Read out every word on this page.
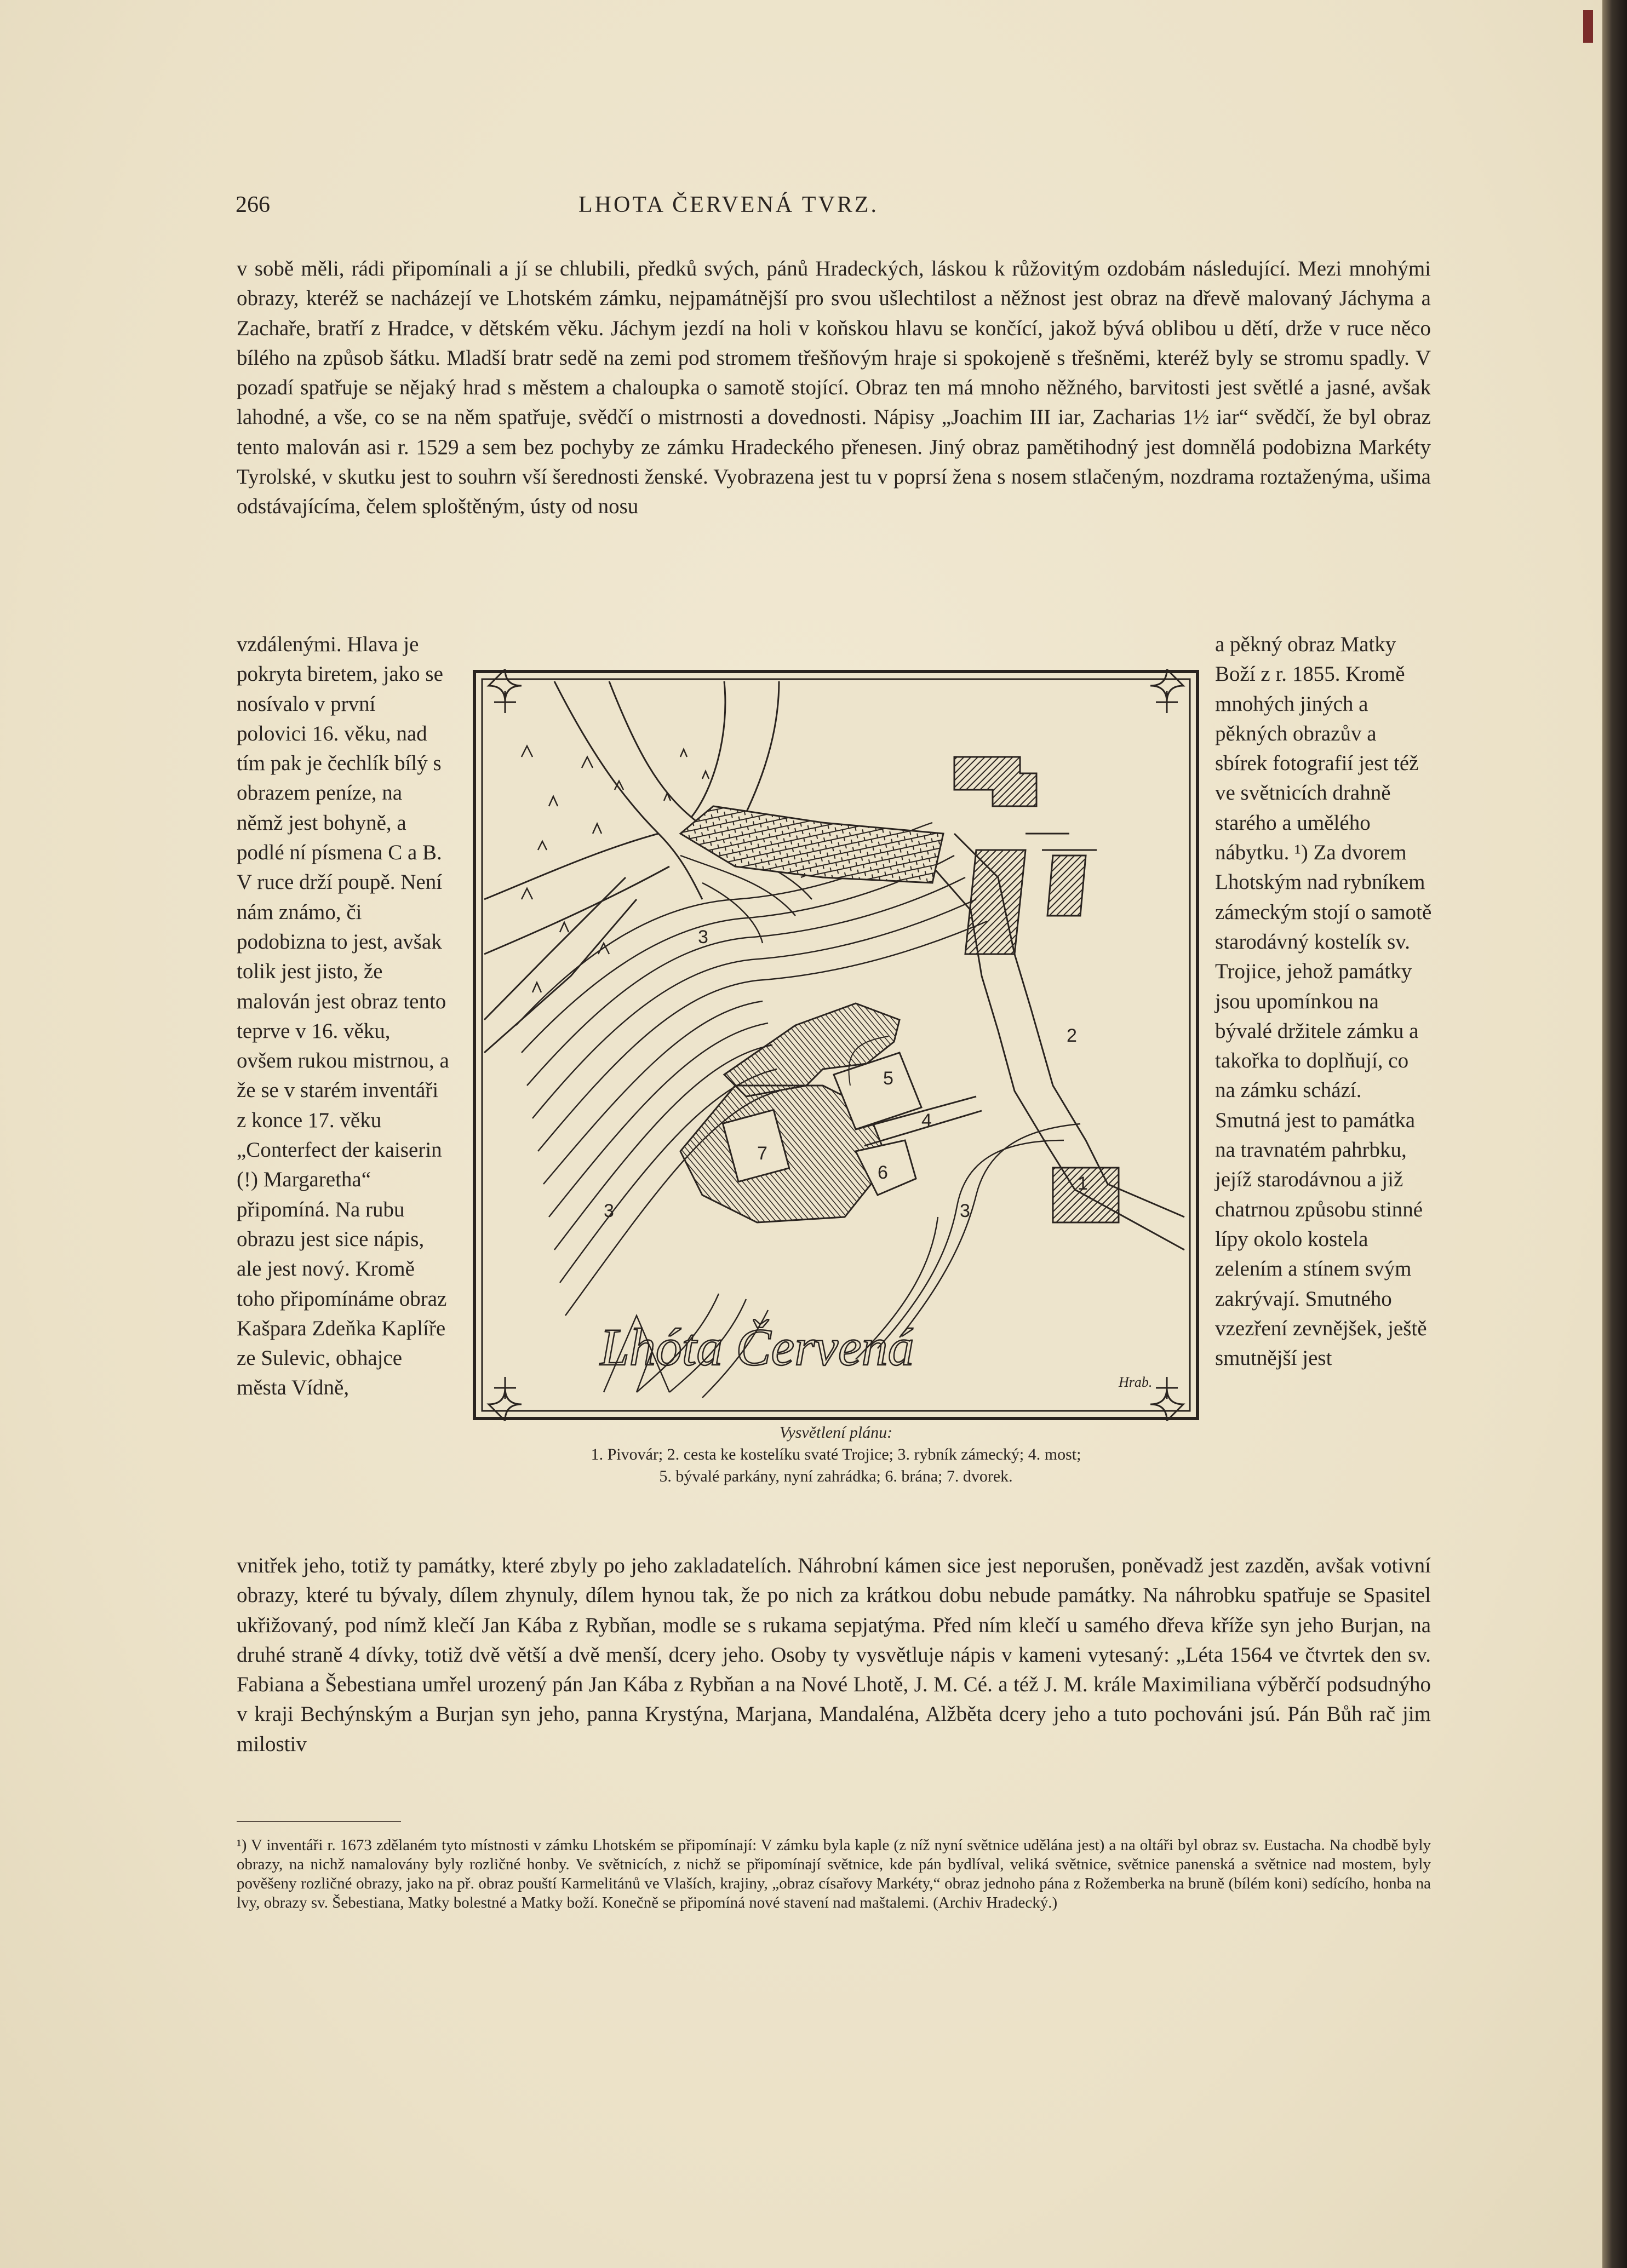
266	LHOTA ČERVENÁ TVRZ.
v sobě měli, rádi připomínali a jí se chlubili, předků svých, pánů Hradeckých, láskou k růžovitým ozdobám následující. Mezi mnohými obrazy, kteréž se nacházejí ve Lhotském zámku, nejpamátnější pro svou ušlechtilost a něžnost jest obraz na dřevě malovaný Jáchyma a Zachaře, bratří z Hradce, v dětském věku. Jáchym jezdí na holi v koňskou hlavu se končící, jakož bývá oblibou u dětí, drže v ruce něco bílého na způsob šátku. Mladší bratr sedě na zemi pod stromem třešňovým hraje si spokojeně s třešněmi, kteréž byly se stromu spadly. V pozadí spatřuje se nějaký hrad s městem a chaloupka o samotě stojící. Obraz ten má mnoho něžného, barvitosti jest světlé a jasné, avšak lahodné, a vše, co se na něm spatřuje, svědčí o mistrnosti a dovednosti. Nápisy „Joachim III iar, Zacharias 1½ iar“ svědčí, že byl obraz tento malován asi r. 1529 a sem bez pochyby ze zámku Hradeckého přenesen. Jiný obraz pamětihodný jest domnělá podobizna Markéty Tyrolské, v skutku jest to souhrn vší šerednosti ženské. Vyobrazena jest tu v poprsí žena s nosem stlačeným, nozdrama roztaženýma, ušima odstávajícíma, čelem sploštěným, ústy od nosu
vzdálenými. Hlava je pokryta biretem, jako se nosívalo v první polovici 16. věku, nad tím pak je čechlík bílý s obrazem peníze, na němž jest bohyně, a podlé ní písmena C a B. V ruce drží poupě. Není nám známo, či podobizna to jest, avšak tolik jest jisto, že malován jest obraz tento teprve v 16. věku, ovšem rukou mistrnou, a že se v starém inventáři z konce 17. věku „Conterfect der kaiserin (!) Margaretha“ připomíná. Na rubu obrazu jest sice nápis, ale jest nový. Kromě toho připomínáme obraz Kašpara Zdeňka Kaplíře ze Sulevic, obhajce města Vídně,
a pěkný obraz Matky Boží z r. 1855. Kromě mnohých jiných a pěkných obrazův a sbírek fotografií jest též ve světnicích drahně starého a umělého nábytku. ¹) Za dvorem Lhotským nad rybníkem zámeckým stojí o samotě starodávný kostelík sv. Trojice, jehož památky jsou upomínkou na bývalé držitele zámku a takořka to doplňují, co na zámku schází. Smutná jest to památka na travnatém pahrbku, jejíž starodávnou a již chatrnou způsobu stinné lípy okolo kostela zelením a stínem svým zakrývají. Smutného vzezření zevnějšek, ještě smutnější jest
1
2
3
3	3
4
5
6
7
Lhóta Červená
Hrab.
Vysvětlení plánu:
1. Pivovár; 2. cesta ke kostelíku svaté Trojice; 3. rybník zámecký; 4. most;
5. bývalé parkány, nyní zahrádka; 6. brána; 7. dvorek.
vnitřek jeho, totiž ty památky, které zbyly po jeho zakladatelích. Náhrobní kámen sice jest neporušen, poněvadž jest zazděn, avšak votivní obrazy, které tu bývaly, dílem zhynuly, dílem hynou tak, že po nich za krátkou dobu nebude památky. Na náhrobku spatřuje se Spasitel ukřižovaný, pod nímž klečí Jan Kába z Rybňan, modle se s rukama sepjatýma. Před ním klečí u samého dřeva kříže syn jeho Burjan, na druhé straně 4 dívky, totiž dvě větší a dvě menší, dcery jeho. Osoby ty vysvětluje nápis v kameni vytesaný: „Léta 1564 ve čtvrtek den sv. Fabiana a Šebestiana umřel urozený pán Jan Kába z Rybňan a na Nové Lhotě, J. M. Cé. a též J. M. krále Maximiliana výběrčí podsudnýho v kraji Bechýnským a Burjan syn jeho, panna Krystýna, Marjana, Mandaléna, Alžběta dcery jeho a tuto pochováni jsú. Pán Bůh rač jim milostiv
¹) V inventáři r. 1673 zdělaném tyto místnosti v zámku Lhotském se připomínají: V zámku byla kaple (z níž nyní světnice udělána jest) a na oltáři byl obraz sv. Eustacha. Na chodbě byly obrazy, na nichž namalovány byly rozličné honby. Ve světnicích, z nichž se připomínají světnice, kde pán bydlíval, veliká světnice, světnice panenská a světnice nad mostem, byly pověšeny rozličné obrazy, jako na př. obraz pouští Karmelitánů ve Vlaších, krajiny, „obraz císařovy Markéty,“ obraz jednoho pána z Rožemberka na bruně (bílém koni) sedícího, honba na lvy, obrazy sv. Šebestiana, Matky bolestné a Matky boží. Konečně se připomíná nové stavení nad maštalemi. (Archiv Hradecký.)
